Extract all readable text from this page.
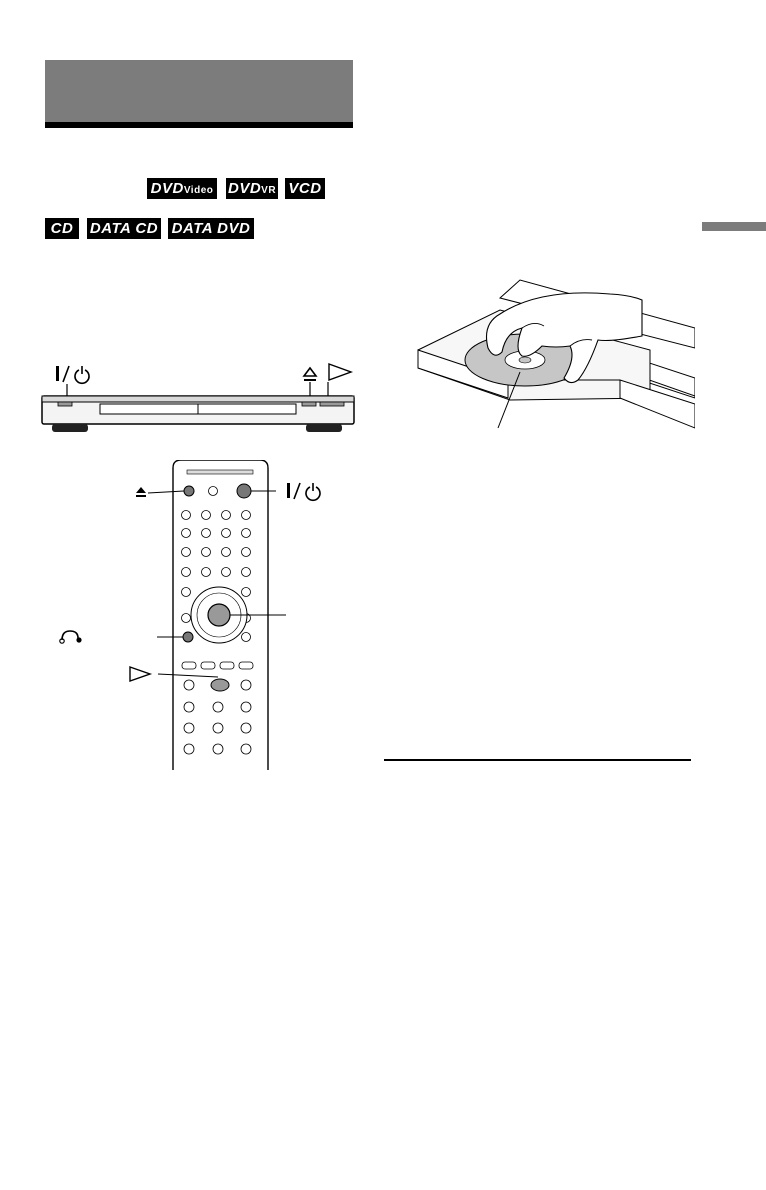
DVDVideo DVDVR VCD
CD	DATA CD DATA DVD
